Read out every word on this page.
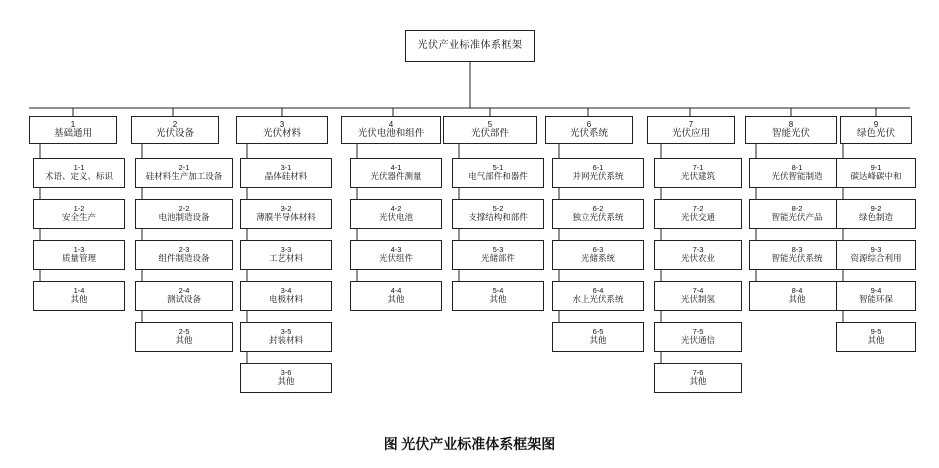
光伏产业标准体系框架
1
基础通用
1-1
术语、定义、标识
1-2
安全生产
1-3
质量管理
1-4
其他
2
光伏设备
2-1
硅材料生产加工设备
2-2
电池制造设备
2-3
组件制造设备
2-4
测试设备
2-5
其他
3
光伏材料
3-1
晶体硅材料
3-2
薄膜半导体材料
3-3
工艺材料
3-4
电极材料
3-5
封装材料
3-6
其他
4
光伏电池和组件
4-1
光伏器件测量
4-2
光伏电池
4-3
光伏组件
4-4
其他
5
光伏部件
5-1
电气部件和器件
5-2
支撑结构和部件
5-3
光储部件
5-4
其他
6
光伏系统
6-1
并网光伏系统
6-2
独立光伏系统
6-3
光储系统
6-4
水上光伏系统
6-5
其他
7
光伏应用
7-1
光伏建筑
7-2
光伏交通
7-3
光伏农业
7-4
光伏制氢
7-5
光伏通信
7-6
其他
8
智能光伏
8-1
光伏智能制造
8-2
智能光伏产品
8-3
智能光伏系统
8-4
其他
9
绿色光伏
9-1
碳达峰碳中和
9-2
绿色制造
9-3
资源综合利用
9-4
智能环保
9-5
其他
图 光伏产业标准体系框架图
